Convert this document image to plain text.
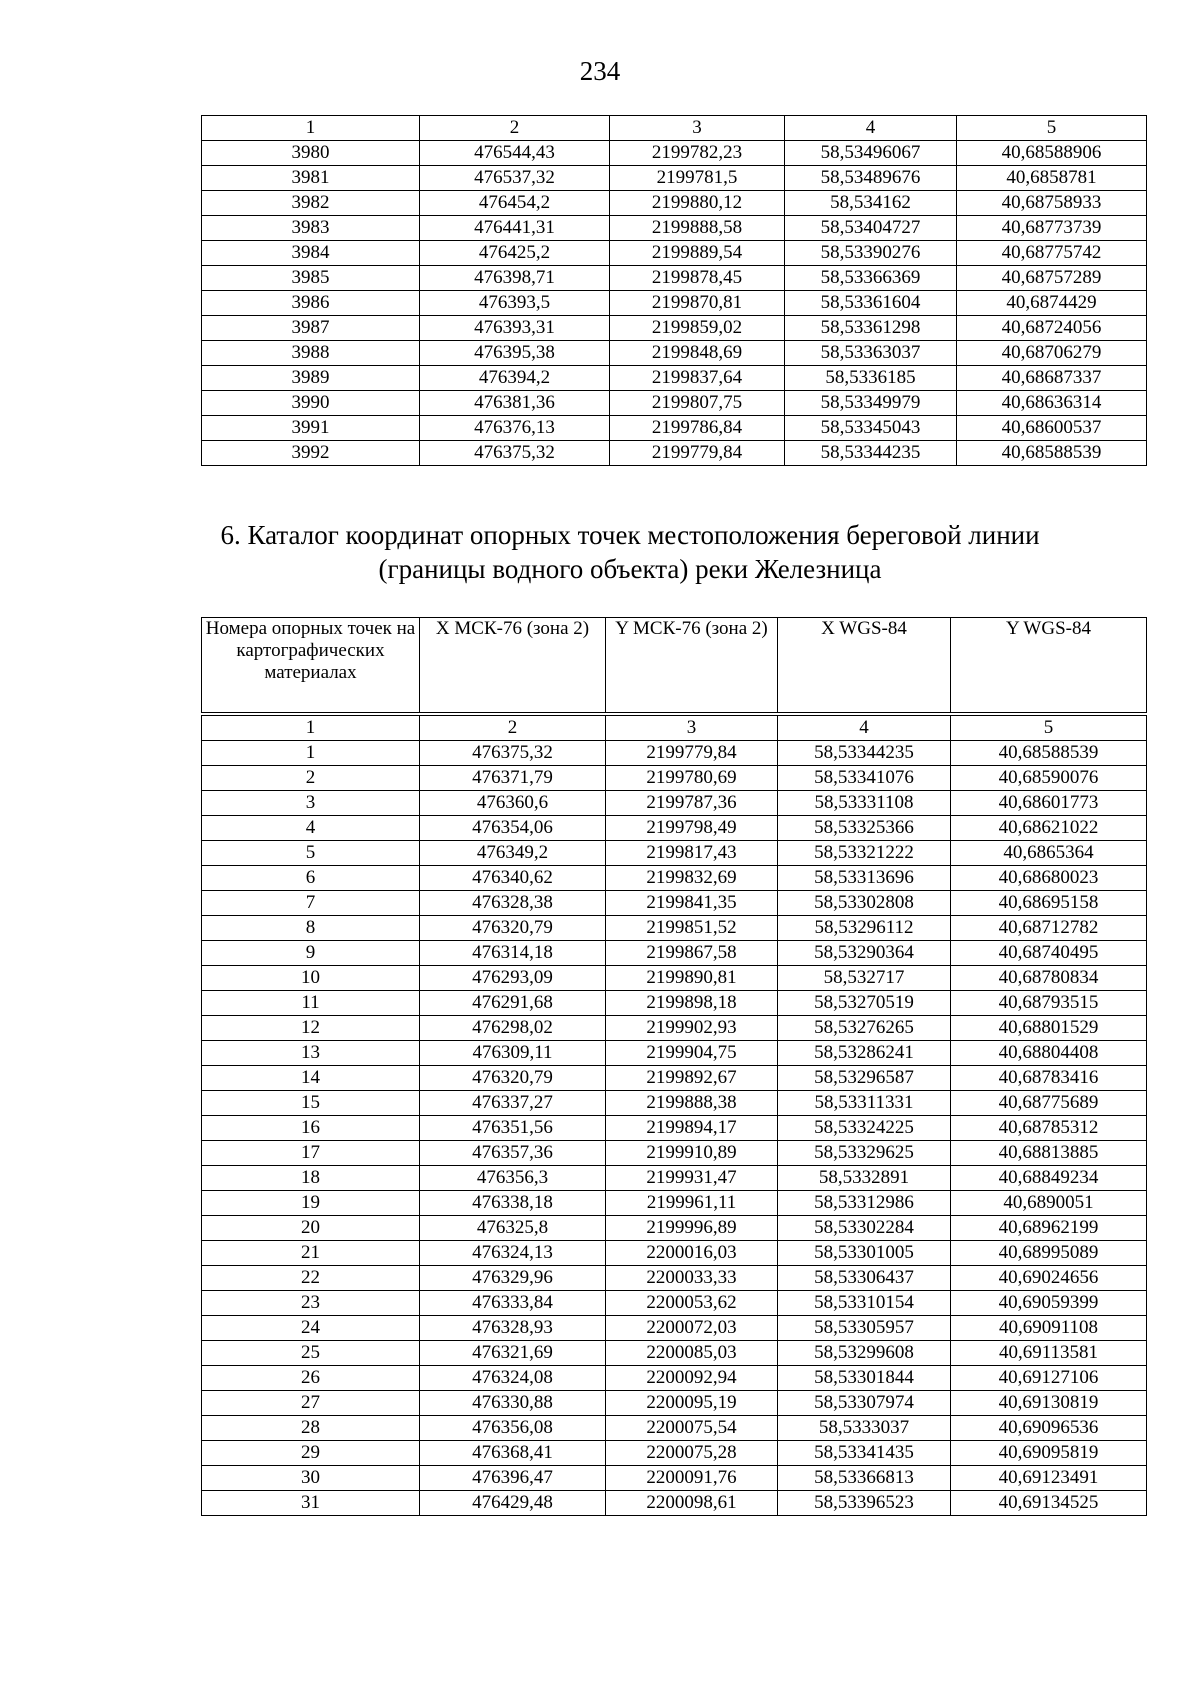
234
1	2	3	4	5
3980	476544,43	2199782,23	58,53496067	40,68588906
3981	476537,32	2199781,5	58,53489676	40,6858781
3982	476454,2	2199880,12	58,534162	40,68758933
3983	476441,31	2199888,58	58,53404727	40,68773739
3984	476425,2	2199889,54	58,53390276	40,68775742
3985	476398,71	2199878,45	58,53366369	40,68757289
3986	476393,5	2199870,81	58,53361604	40,6874429
3987	476393,31	2199859,02	58,53361298	40,68724056
3988	476395,38	2199848,69	58,53363037	40,68706279
3989	476394,2	2199837,64	58,5336185	40,68687337
3990	476381,36	2199807,75	58,53349979	40,68636314
3991	476376,13	2199786,84	58,53345043	40,68600537
3992	476375,32	2199779,84	58,53344235	40,68588539
6. Каталог координат опорных точек местоположения береговой линии
(границы водного объекта) реки Железница
Номера опорных точек на картографических материалах	X МСК-76 (зона 2)	Y МСК-76 (зона 2)	X WGS-84	Y WGS-84
1	2	3	4	5
1	476375,32	2199779,84	58,53344235	40,68588539
2	476371,79	2199780,69	58,53341076	40,68590076
3	476360,6	2199787,36	58,53331108	40,68601773
4	476354,06	2199798,49	58,53325366	40,68621022
5	476349,2	2199817,43	58,53321222	40,6865364
6	476340,62	2199832,69	58,53313696	40,68680023
7	476328,38	2199841,35	58,53302808	40,68695158
8	476320,79	2199851,52	58,53296112	40,68712782
9	476314,18	2199867,58	58,53290364	40,68740495
10	476293,09	2199890,81	58,532717	40,68780834
11	476291,68	2199898,18	58,53270519	40,68793515
12	476298,02	2199902,93	58,53276265	40,68801529
13	476309,11	2199904,75	58,53286241	40,68804408
14	476320,79	2199892,67	58,53296587	40,68783416
15	476337,27	2199888,38	58,53311331	40,68775689
16	476351,56	2199894,17	58,53324225	40,68785312
17	476357,36	2199910,89	58,53329625	40,68813885
18	476356,3	2199931,47	58,5332891	40,68849234
19	476338,18	2199961,11	58,53312986	40,6890051
20	476325,8	2199996,89	58,53302284	40,68962199
21	476324,13	2200016,03	58,53301005	40,68995089
22	476329,96	2200033,33	58,53306437	40,69024656
23	476333,84	2200053,62	58,53310154	40,69059399
24	476328,93	2200072,03	58,53305957	40,69091108
25	476321,69	2200085,03	58,53299608	40,69113581
26	476324,08	2200092,94	58,53301844	40,69127106
27	476330,88	2200095,19	58,53307974	40,69130819
28	476356,08	2200075,54	58,5333037	40,69096536
29	476368,41	2200075,28	58,53341435	40,69095819
30	476396,47	2200091,76	58,53366813	40,69123491
31	476429,48	2200098,61	58,53396523	40,69134525
